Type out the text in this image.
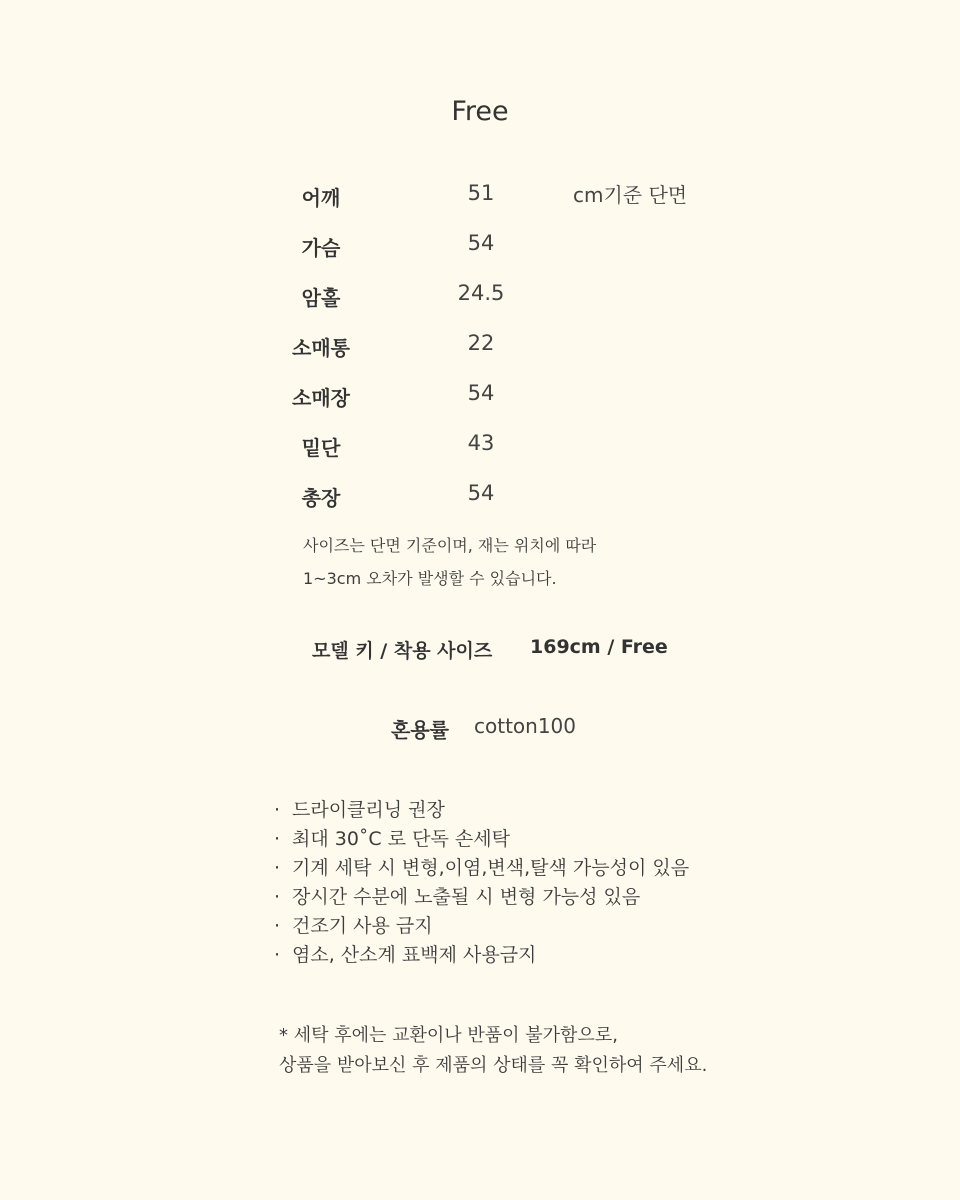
Free
어깨	51
가슴	54
암홀	24.5
소매통	22
소매장	54
밑단	43
총장	54
cm기준 단면
사이즈는 단면 기준이며, 재는 위치에 따라
1~3cm 오차가 발생할 수 있습니다.
모델 키 / 착용 사이즈 169cm / Free
혼용률 cotton100
· 드라이클리닝 권장
· 최대 30˚C 로 단독 손세탁
· 기계 세탁 시 변형,이염,변색,탈색 가능성이 있음
· 장시간 수분에 노출될 시 변형 가능성 있음
· 건조기 사용 금지
· 염소, 산소계 표백제 사용금지
* 세탁 후에는 교환이나 반품이 불가함으로,
상품을 받아보신 후 제품의 상태를 꼭 확인하여 주세요.
